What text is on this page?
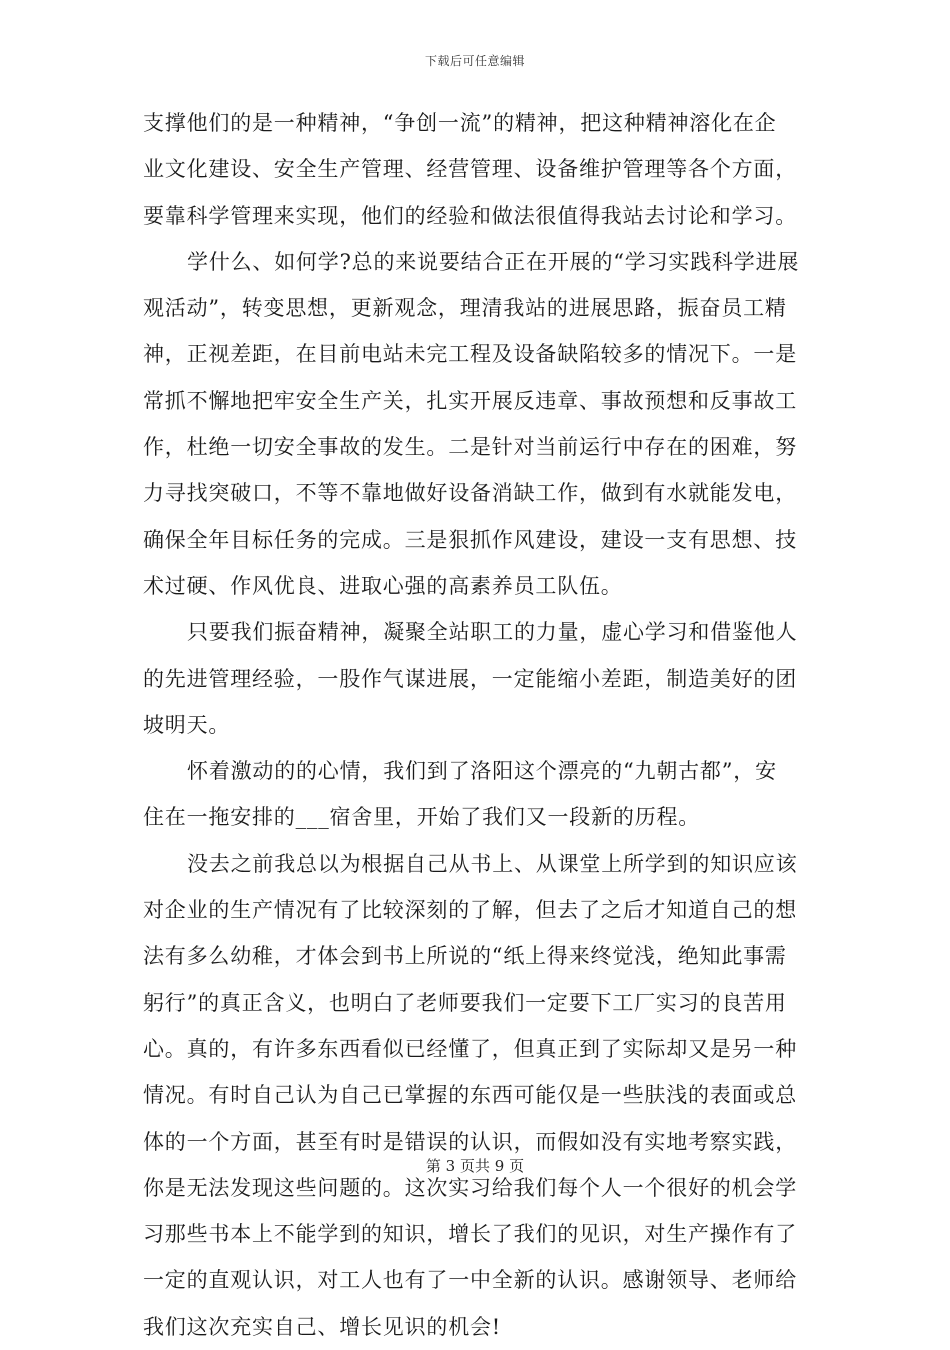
下载后可任意编辑
支撑他们的是一种精神，“争创一流”的精神，把这种精神溶化在企
业文化建设、安全生产管理、经营管理、设备维护管理等各个方面，
要靠科学管理来实现，他们的经验和做法很值得我站去讨论和学习。
学什么、如何学?总的来说要结合正在开展的“学习实践科学进展
观活动”，转变思想，更新观念，理清我站的进展思路，振奋员工精
神，正视差距，在目前电站未完工程及设备缺陷较多的情况下。一是
常抓不懈地把牢安全生产关，扎实开展反违章、事故预想和反事故工
作，杜绝一切安全事故的发生。二是针对当前运行中存在的困难，努
力寻找突破口，不等不靠地做好设备消缺工作，做到有水就能发电，
确保全年目标任务的完成。三是狠抓作风建设，建设一支有思想、技
术过硬、作风优良、进取心强的高素养员工队伍。
只要我们振奋精神，凝聚全站职工的力量，虚心学习和借鉴他人
的先进管理经验，一股作气谋进展，一定能缩小差距，制造美好的团
坡明天。
怀着激动的的心情，我们到了洛阳这个漂亮的“九朝古都”，安
住在一拖安排的___宿舍里，开始了我们又一段新的历程。
没去之前我总以为根据自己从书上、从课堂上所学到的知识应该
对企业的生产情况有了比较深刻的了解，但去了之后才知道自己的想
法有多么幼稚，才体会到书上所说的“纸上得来终觉浅，绝知此事需
躬行”的真正含义，也明白了老师要我们一定要下工厂实习的良苦用
心。真的，有许多东西看似已经懂了，但真正到了实际却又是另一种
情况。有时自己认为自己已掌握的东西可能仅是一些肤浅的表面或总
体的一个方面，甚至有时是错误的认识，而假如没有实地考察实践，
你是无法发现这些问题的。这次实习给我们每个人一个很好的机会学
习那些书本上不能学到的知识，增长了我们的见识，对生产操作有了
一定的直观认识，对工人也有了一中全新的认识。感谢领导、老师给
我们这次充实自己、增长见识的机会!
第 3 页共 9 页
